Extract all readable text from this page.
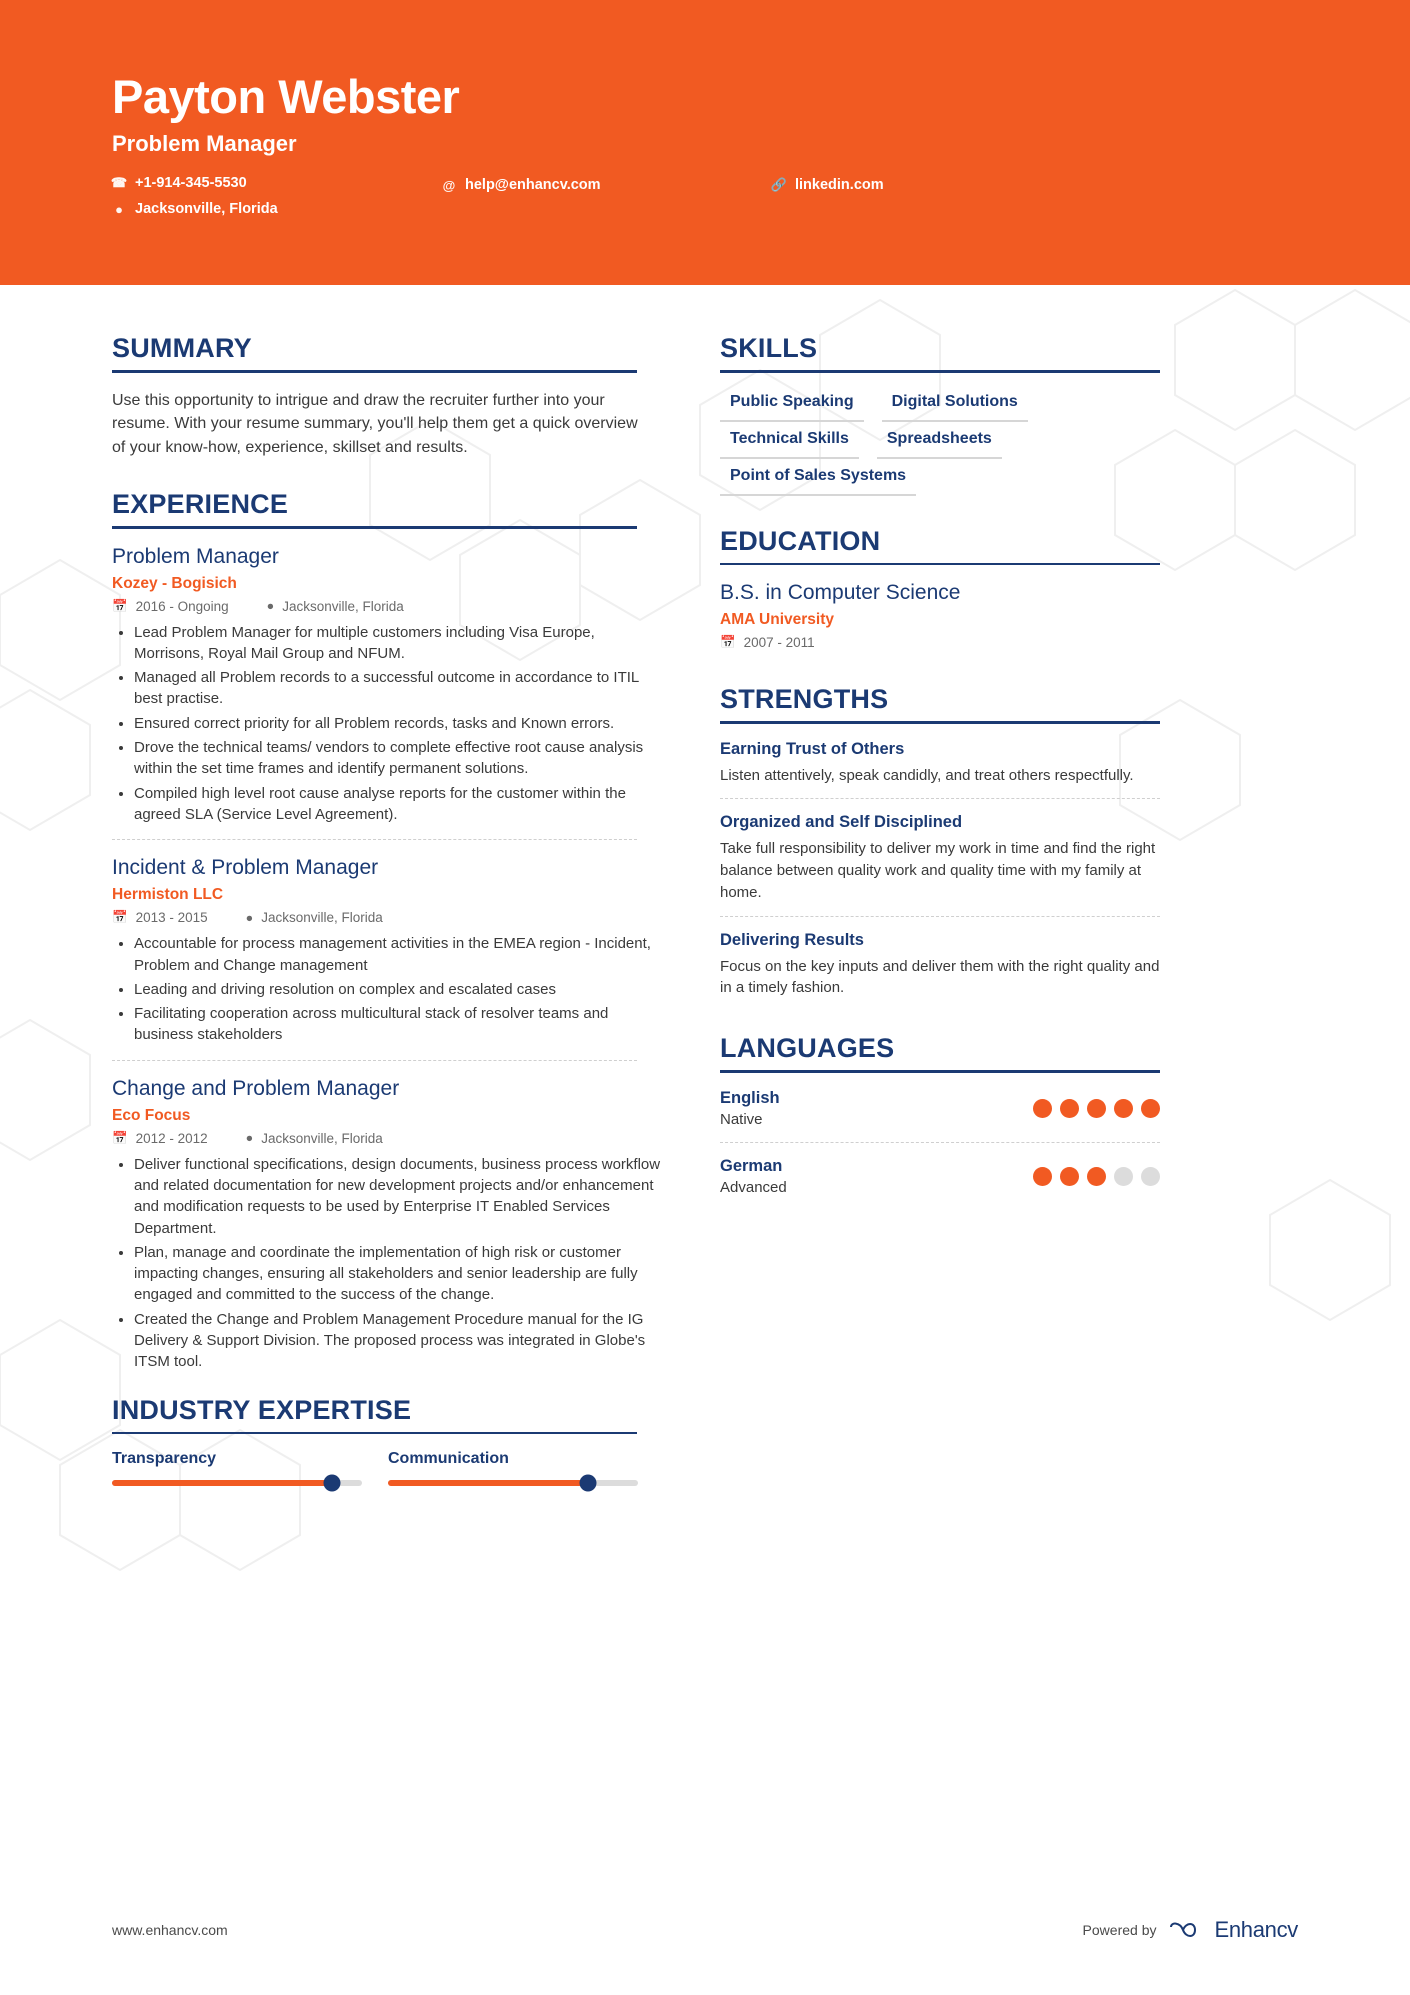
Payton Webster
Problem Manager
☎ +1-914-345-5530
● Jacksonville, Florida
@ help@enhancv.com	🔗 linkedin.com
SUMMARY
Use this opportunity to intrigue and draw the recruiter further into your resume. With your resume summary, you'll help them get a quick overview of your know-how, experience, skillset and results.
EXPERIENCE
Problem Manager
Kozey - Bogisich
📅 2016 - Ongoing	● Jacksonville, Florida
• Lead Problem Manager for multiple customers including Visa Europe, Morrisons, Royal Mail Group and NFUM.
• Managed all Problem records to a successful outcome in accordance to ITIL best practise.
• Ensured correct priority for all Problem records, tasks and Known errors.
• Drove the technical teams/ vendors to complete effective root cause analysis within the set time frames and identify permanent solutions.
• Compiled high level root cause analyse reports for the customer within the agreed SLA (Service Level Agreement).
Incident & Problem Manager
Hermiston LLC
📅 2013 - 2015	● Jacksonville, Florida
• Accountable for process management activities in the EMEA region - Incident, Problem and Change management
• Leading and driving resolution on complex and escalated cases
• Facilitating cooperation across multicultural stack of resolver teams and business stakeholders
Change and Problem Manager
Eco Focus
📅 2012 - 2012	● Jacksonville, Florida
• Deliver functional specifications, design documents, business process workflow and related documentation for new development projects and/or enhancement and modification requests to be used by Enterprise IT Enabled Services Department.
• Plan, manage and coordinate the implementation of high risk or customer impacting changes, ensuring all stakeholders and senior leadership are fully engaged and committed to the success of the change.
• Created the Change and Problem Management Procedure manual for the IG Delivery & Support Division. The proposed process was integrated in Globe's ITSM tool.
INDUSTRY EXPERTISE
Transparency	Communication
SKILLS
Public Speaking	Digital Solutions
Technical Skills	Spreadsheets
Point of Sales Systems
EDUCATION
B.S. in Computer Science
AMA University
📅 2007 - 2011
STRENGTHS
Earning Trust of Others
Listen attentively, speak candidly, and treat others respectfully.
Organized and Self Disciplined
Take full responsibility to deliver my work in time and find the right balance between quality work and quality time with my family at home.
Delivering Results
Focus on the key inputs and deliver them with the right quality and in a timely fashion.
LANGUAGES
English
Native
German
Advanced
www.enhancv.com	Powered by	Enhancv
